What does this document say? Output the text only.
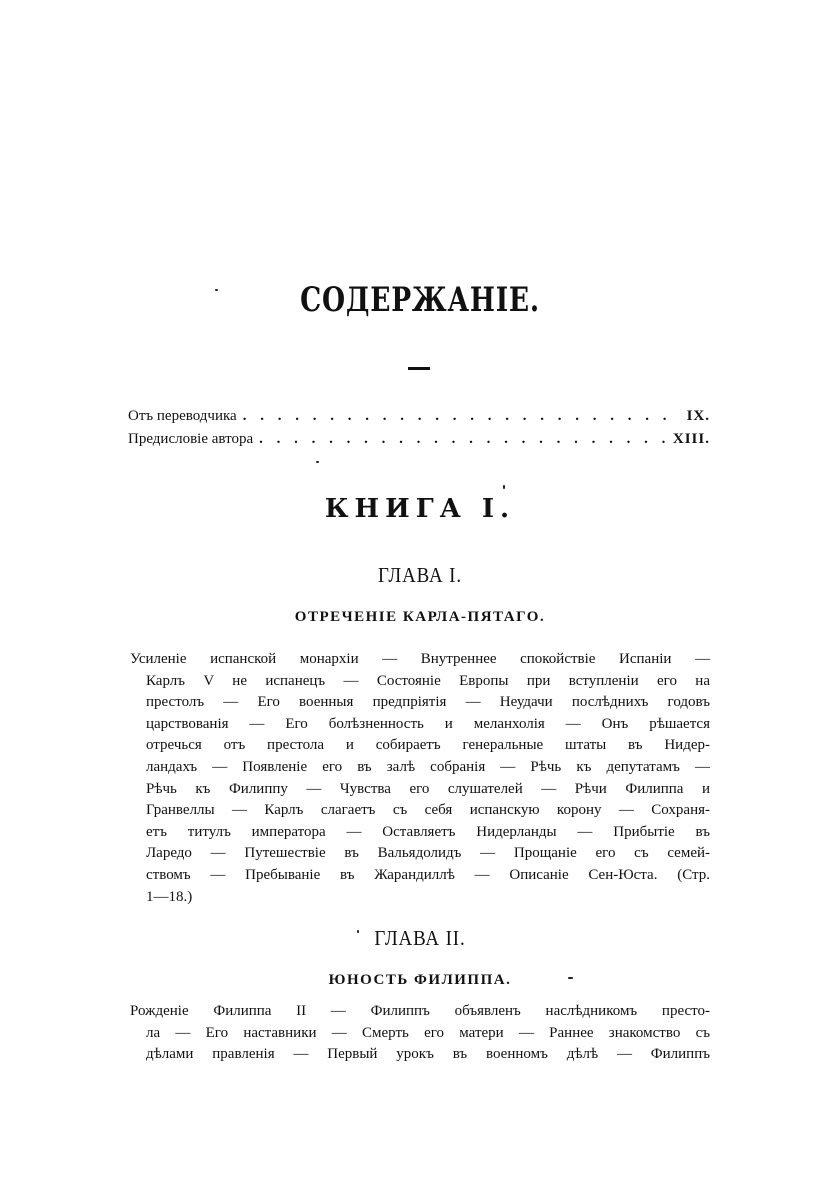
СОДЕРЖАНІЕ.
Отъ переводчика . . .	IX.
Предисловіе автора . . .	XIII.
КНИГА I.
ГЛАВА I.
ОТРЕЧЕНІЕ КАРЛА-ПЯТАГО.
Усиленіе испанской монархіи — Внутреннее спокойствіе Испаніи —
Карлъ V не испанецъ — Состояніе Европы при вступленіи его на
престолъ — Его военныя предпріятія — Неудачи послѣднихъ годовъ
царствованія — Его болѣзненность и меланхолія — Онъ рѣшается
отречься отъ престола и собираетъ генеральные штаты въ Нидер-
ландахъ — Появленіе его въ залѣ собранія — Рѣчь къ депутатамъ —
Рѣчь къ Филиппу — Чувства его слушателей — Рѣчи Филиппа и
Гранвеллы — Карлъ слагаетъ съ себя испанскую корону — Сохраня-
етъ титулъ императора — Оставляетъ Нидерланды — Прибытіе въ
Ларедо — Путешествіе въ Вальядолидъ — Прощаніе его съ семей-
ствомъ — Пребываніе въ Жарандиллѣ — Описаніе Сен-Юста. (Стр.
1—18.)
ГЛАВА II.
ЮНОСТЬ ФИЛИППА.
Рожденіе Филиппа II — Филиппъ объявленъ наслѣдникомъ престо-
ла — Его наставники — Смерть его матери — Раннее знакомство съ
дѣлами правленія — Первый урокъ въ военномъ дѣлѣ — Филиппъ
